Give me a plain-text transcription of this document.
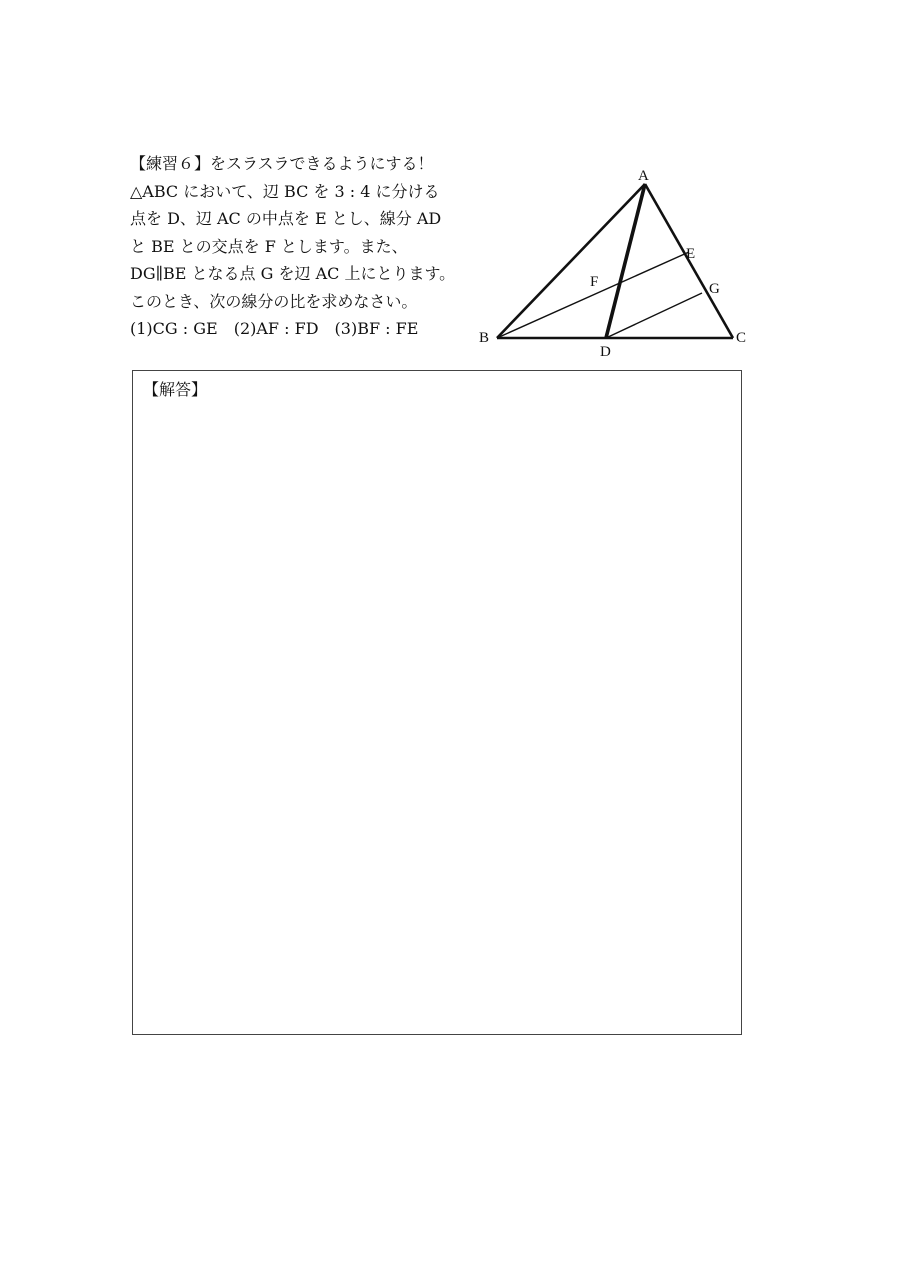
【練習６】をスラスラできるようにする！
△ABC において、辺 BC を 3 : 4 に分ける
点を D、辺 AC の中点を E とし、線分 AD
と BE との交点を F とします。また、
DG∥BE となる点 G を辺 AC 上にとります。
このとき、次の線分の比を求めなさい。
(1)CG : GE　(2)AF : FD　(3)BF : FE
A
B	C
D
E
F	G
【解答】
